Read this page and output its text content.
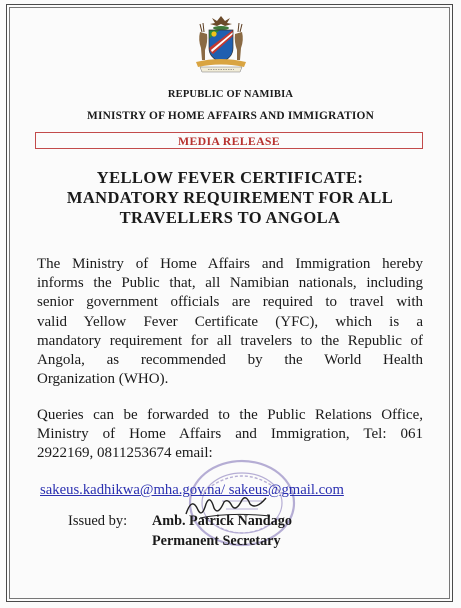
REPUBLIC OF NAMIBIA
MINISTRY OF HOME AFFAIRS AND IMMIGRATION
MEDIA RELEASE
YELLOW FEVER CERTIFICATE:
MANDATORY REQUIREMENT FOR ALL
TRAVELLERS TO ANGOLA
The Ministry of Home Affairs and Immigration hereby
informs the Public that, all Namibian nationals, including
senior government officials are required to travel with
valid Yellow Fever Certificate (YFC), which is a
mandatory requirement for all travelers to the Republic of
Angola, as recommended by the World Health
Organization (WHO).
Queries can be forwarded to the Public Relations Office,
Ministry of Home Affairs and Immigration, Tel: 061
2922169, 0811253674 email:
sakeus.kadhikwa@mha.gov.na/ sakeus@gmail.com
Issued by: Amb. Patrick Nandago
Permanent Secretary
